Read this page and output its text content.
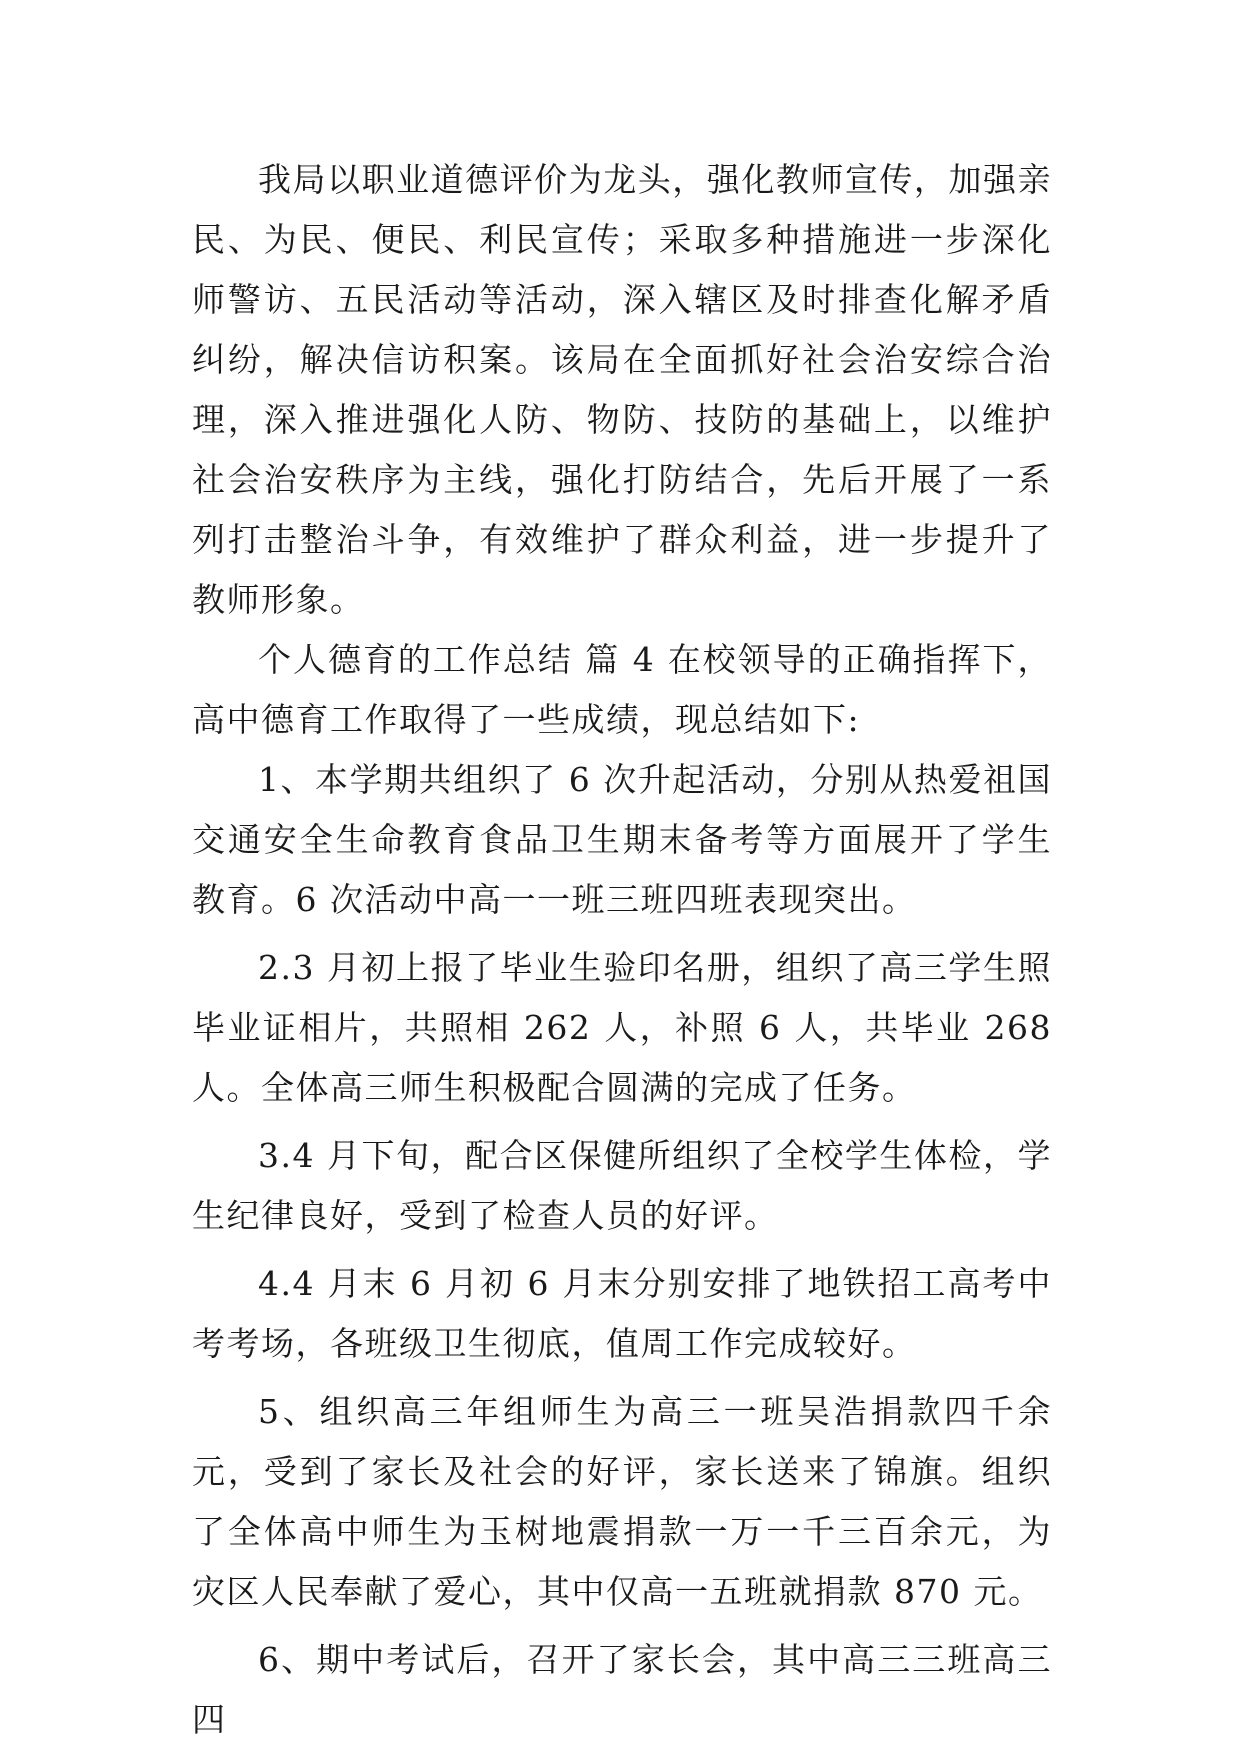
我局以职业道德评价为龙头，强化教师宣传，加强亲民、为民、便民、利民宣传；采取多种措施进一步深化师警访、五民活动等活动，深入辖区及时排查化解矛盾纠纷，解决信访积案。该局在全面抓好社会治安综合治理，深入推进强化人防、物防、技防的基础上，以维护社会治安秩序为主线，强化打防结合，先后开展了一系列打击整治斗争，有效维护了群众利益，进一步提升了教师形象。

个人德育的工作总结 篇 4 在校领导的正确指挥下，高中德育工作取得了一些成绩，现总结如下:

1、本学期共组织了 6 次升起活动，分别从热爱祖国交通安全生命教育食品卫生期末备考等方面展开了学生教育。6 次活动中高一一班三班四班表现突出。

2.3 月初上报了毕业生验印名册，组织了高三学生照毕业证相片，共照相 262 人，补照 6 人，共毕业 268 人。全体高三师生积极配合圆满的完成了任务。

3.4 月下旬，配合区保健所组织了全校学生体检，学生纪律良好，受到了检查人员的好评。

4.4 月末 6 月初 6 月末分别安排了地铁招工高考中考考场，各班级卫生彻底，值周工作完成较好。

5、组织高三年组师生为高三一班吴浩捐款四千余元，受到了家长及社会的好评，家长送来了锦旗。组织了全体高中师生为玉树地震捐款一万一千三百余元，为灾区人民奉献了爱心，其中仅高一五班就捐款 870 元。

6、期中考试后，召开了家长会，其中高三三班高三四
